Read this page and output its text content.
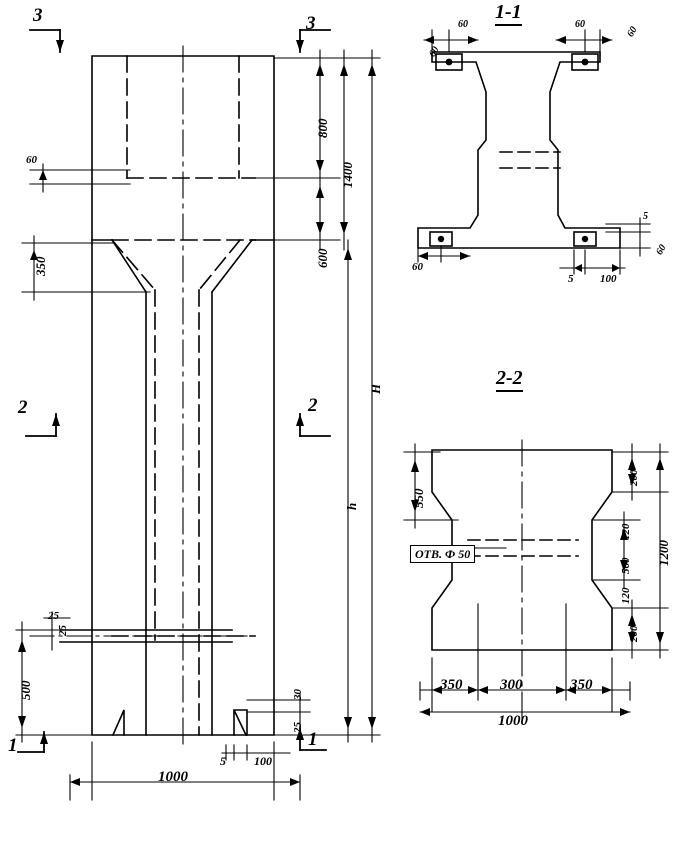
1-1
2-2
3	3
2	2
1	1
60
350
800
600
1400
H
h
25
25
500	30
25
5 100
1000
60
60	60
60
60
5
60
5 100
550
200
120
560
120
200
1200
350	300	350
1000
ОТВ. Ф 50
